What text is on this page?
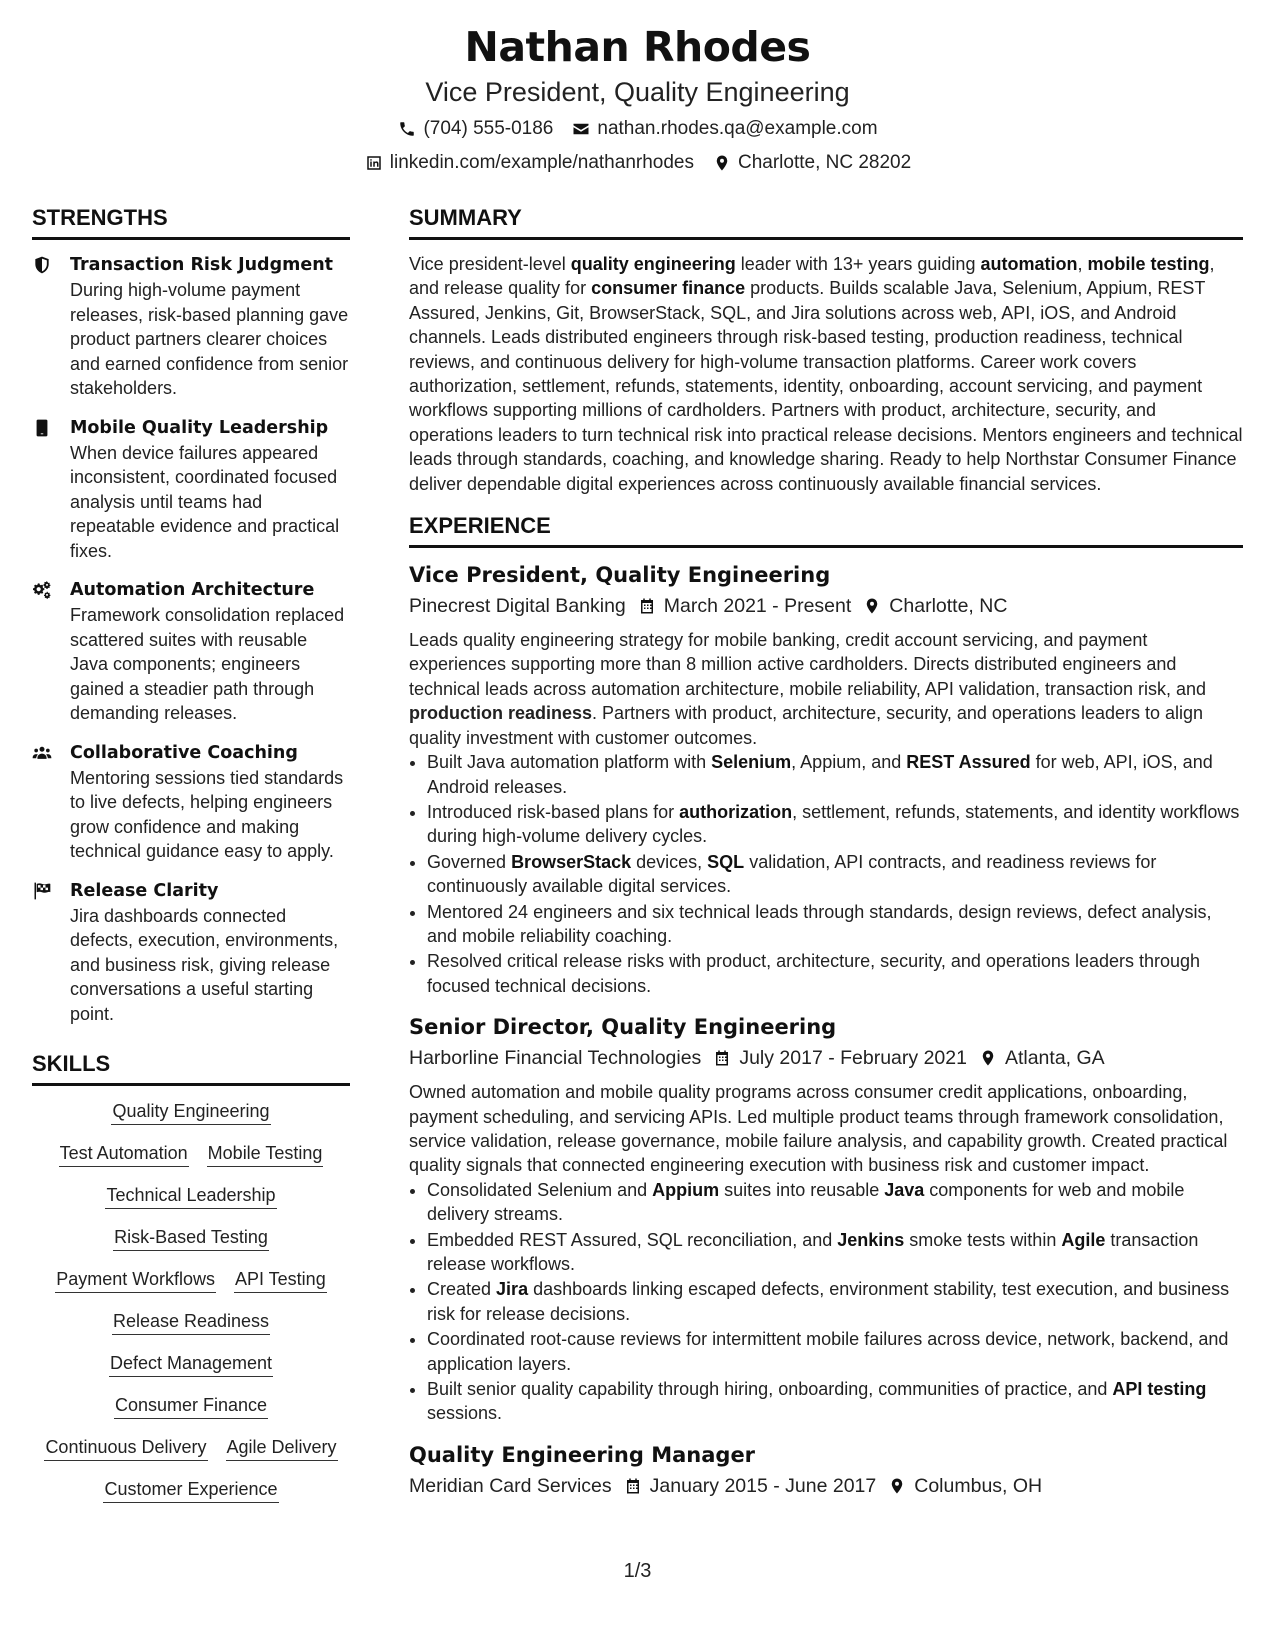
Nathan Rhodes
Vice President, Quality Engineering
(704) 555-0186 nathan.rhodes.qa@example.com
linkedin.com/example/nathanrhodes Charlotte, NC 28202
STRENGTHS
Transaction Risk Judgment
During high-volume payment releases, risk-based planning gave product partners clearer choices and earned confidence from senior stakeholders.
Mobile Quality Leadership
When device failures appeared inconsistent, coordinated focused analysis until teams had repeatable evidence and practical fixes.
Automation Architecture
Framework consolidation replaced scattered suites with reusable Java components; engineers gained a steadier path through demanding releases.
Collaborative Coaching
Mentoring sessions tied standards to live defects, helping engineers grow confidence and making technical guidance easy to apply.
Release Clarity
Jira dashboards connected defects, execution, environments, and business risk, giving release conversations a useful starting point.
SKILLS
Quality Engineering
Test Automation Mobile Testing
Technical Leadership
Risk-Based Testing
Payment Workflows API Testing
Release Readiness
Defect Management
Consumer Finance
Continuous Delivery Agile Delivery
Customer Experience
SUMMARY
Vice president-level quality engineering leader with 13+ years guiding automation, mobile testing, and release quality for consumer finance products. Builds scalable Java, Selenium, Appium, REST Assured, Jenkins, Git, BrowserStack, SQL, and Jira solutions across web, API, iOS, and Android channels. Leads distributed engineers through risk-based testing, production readiness, technical reviews, and continuous delivery for high-volume transaction platforms. Career work covers authorization, settlement, refunds, statements, identity, onboarding, account servicing, and payment workflows supporting millions of cardholders. Partners with product, architecture, security, and operations leaders to turn technical risk into practical release decisions. Mentors engineers and technical leads through standards, coaching, and knowledge sharing. Ready to help Northstar Consumer Finance deliver dependable digital experiences across continuously available financial services.
EXPERIENCE
Vice President, Quality Engineering
Pinecrest Digital Banking March 2021 - Present Charlotte, NC
Leads quality engineering strategy for mobile banking, credit account servicing, and payment experiences supporting more than 8 million active cardholders. Directs distributed engineers and technical leads across automation architecture, mobile reliability, API validation, transaction risk, and production readiness. Partners with product, architecture, security, and operations leaders to align quality investment with customer outcomes.
• Built Java automation platform with Selenium, Appium, and REST Assured for web, API, iOS, and Android releases.
• Introduced risk-based plans for authorization, settlement, refunds, statements, and identity workflows during high-volume delivery cycles.
• Governed BrowserStack devices, SQL validation, API contracts, and readiness reviews for continuously available digital services.
• Mentored 24 engineers and six technical leads through standards, design reviews, defect analysis, and mobile reliability coaching.
• Resolved critical release risks with product, architecture, security, and operations leaders through focused technical decisions.
Senior Director, Quality Engineering
Harborline Financial Technologies July 2017 - February 2021 Atlanta, GA
Owned automation and mobile quality programs across consumer credit applications, onboarding, payment scheduling, and servicing APIs. Led multiple product teams through framework consolidation, service validation, release governance, mobile failure analysis, and capability growth. Created practical quality signals that connected engineering execution with business risk and customer impact.
• Consolidated Selenium and Appium suites into reusable Java components for web and mobile delivery streams.
• Embedded REST Assured, SQL reconciliation, and Jenkins smoke tests within Agile transaction release workflows.
• Created Jira dashboards linking escaped defects, environment stability, test execution, and business risk for release decisions.
• Coordinated root-cause reviews for intermittent mobile failures across device, network, backend, and application layers.
• Built senior quality capability through hiring, onboarding, communities of practice, and API testing sessions.
Quality Engineering Manager
Meridian Card Services January 2015 - June 2017 Columbus, OH
1/3
